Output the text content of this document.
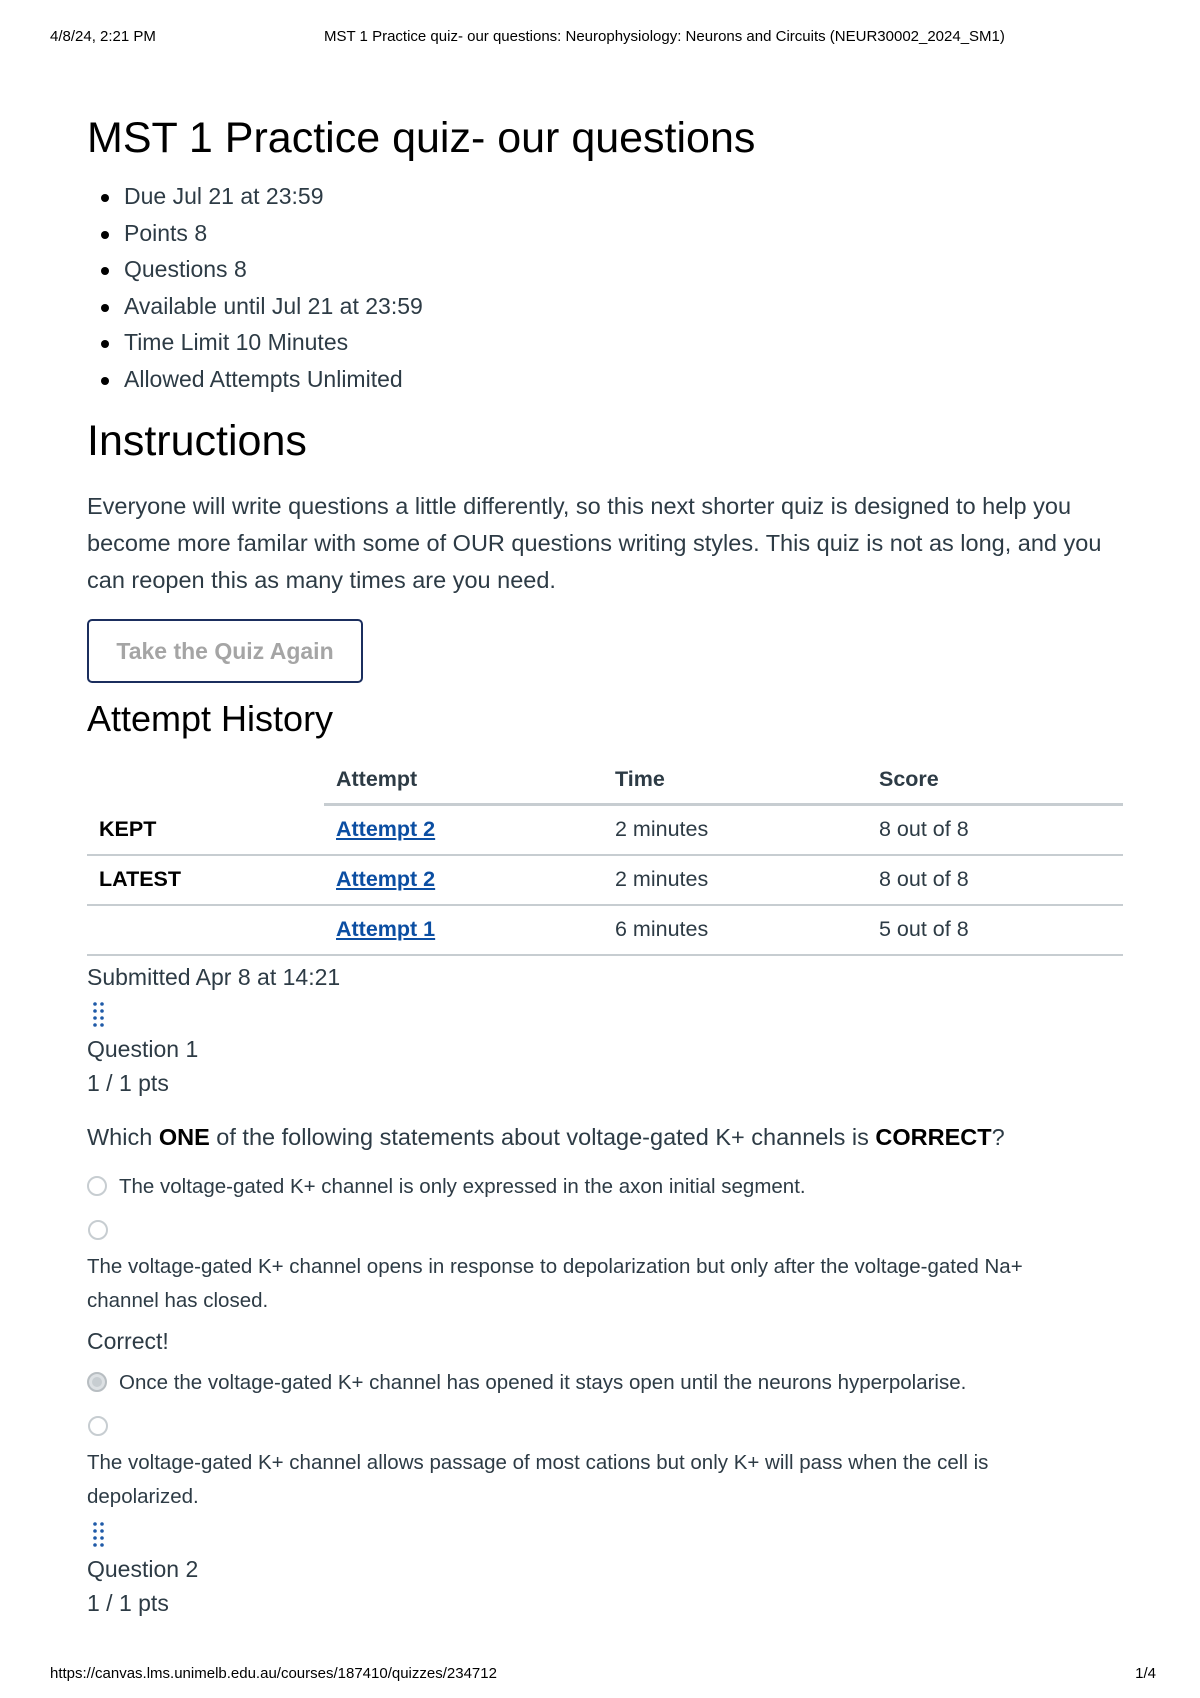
4/8/24, 2:21 PM	MST 1 Practice quiz- our questions: Neurophysiology: Neurons and Circuits (NEUR30002_2024_SM1)
MST 1 Practice quiz- our questions
Due Jul 21 at 23:59
Points 8
Questions 8
Available until Jul 21 at 23:59
Time Limit 10 Minutes
Allowed Attempts Unlimited
Instructions

Everyone will write questions a little differently, so this next shorter quiz is designed to help you become more familar with some of OUR questions writing styles. This quiz is not as long, and you can reopen this as many times are you need.

Take the Quiz Again
Attempt History
	Attempt	Time	Score
KEPT	Attempt 2	2 minutes	8 out of 8
LATEST	Attempt 2	2 minutes	8 out of 8
	Attempt 1	6 minutes	5 out of 8
Submitted Apr 8 at 14:21
Question 1
1 / 1 pts

Which ONE of the following statements about voltage-gated K+ channels is CORRECT?

The voltage-gated K+ channel is only expressed in the axon initial segment.
The voltage-gated K+ channel opens in response to depolarization but only after the voltage-gated Na+ channel has closed.
Correct!
Once the voltage-gated K+ channel has opened it stays open until the neurons hyperpolarise.
The voltage-gated K+ channel allows passage of most cations but only K+ will pass when the cell is depolarized.
Question 2
1 / 1 pts
https://canvas.lms.unimelb.edu.au/courses/187410/quizzes/234712	1/4
